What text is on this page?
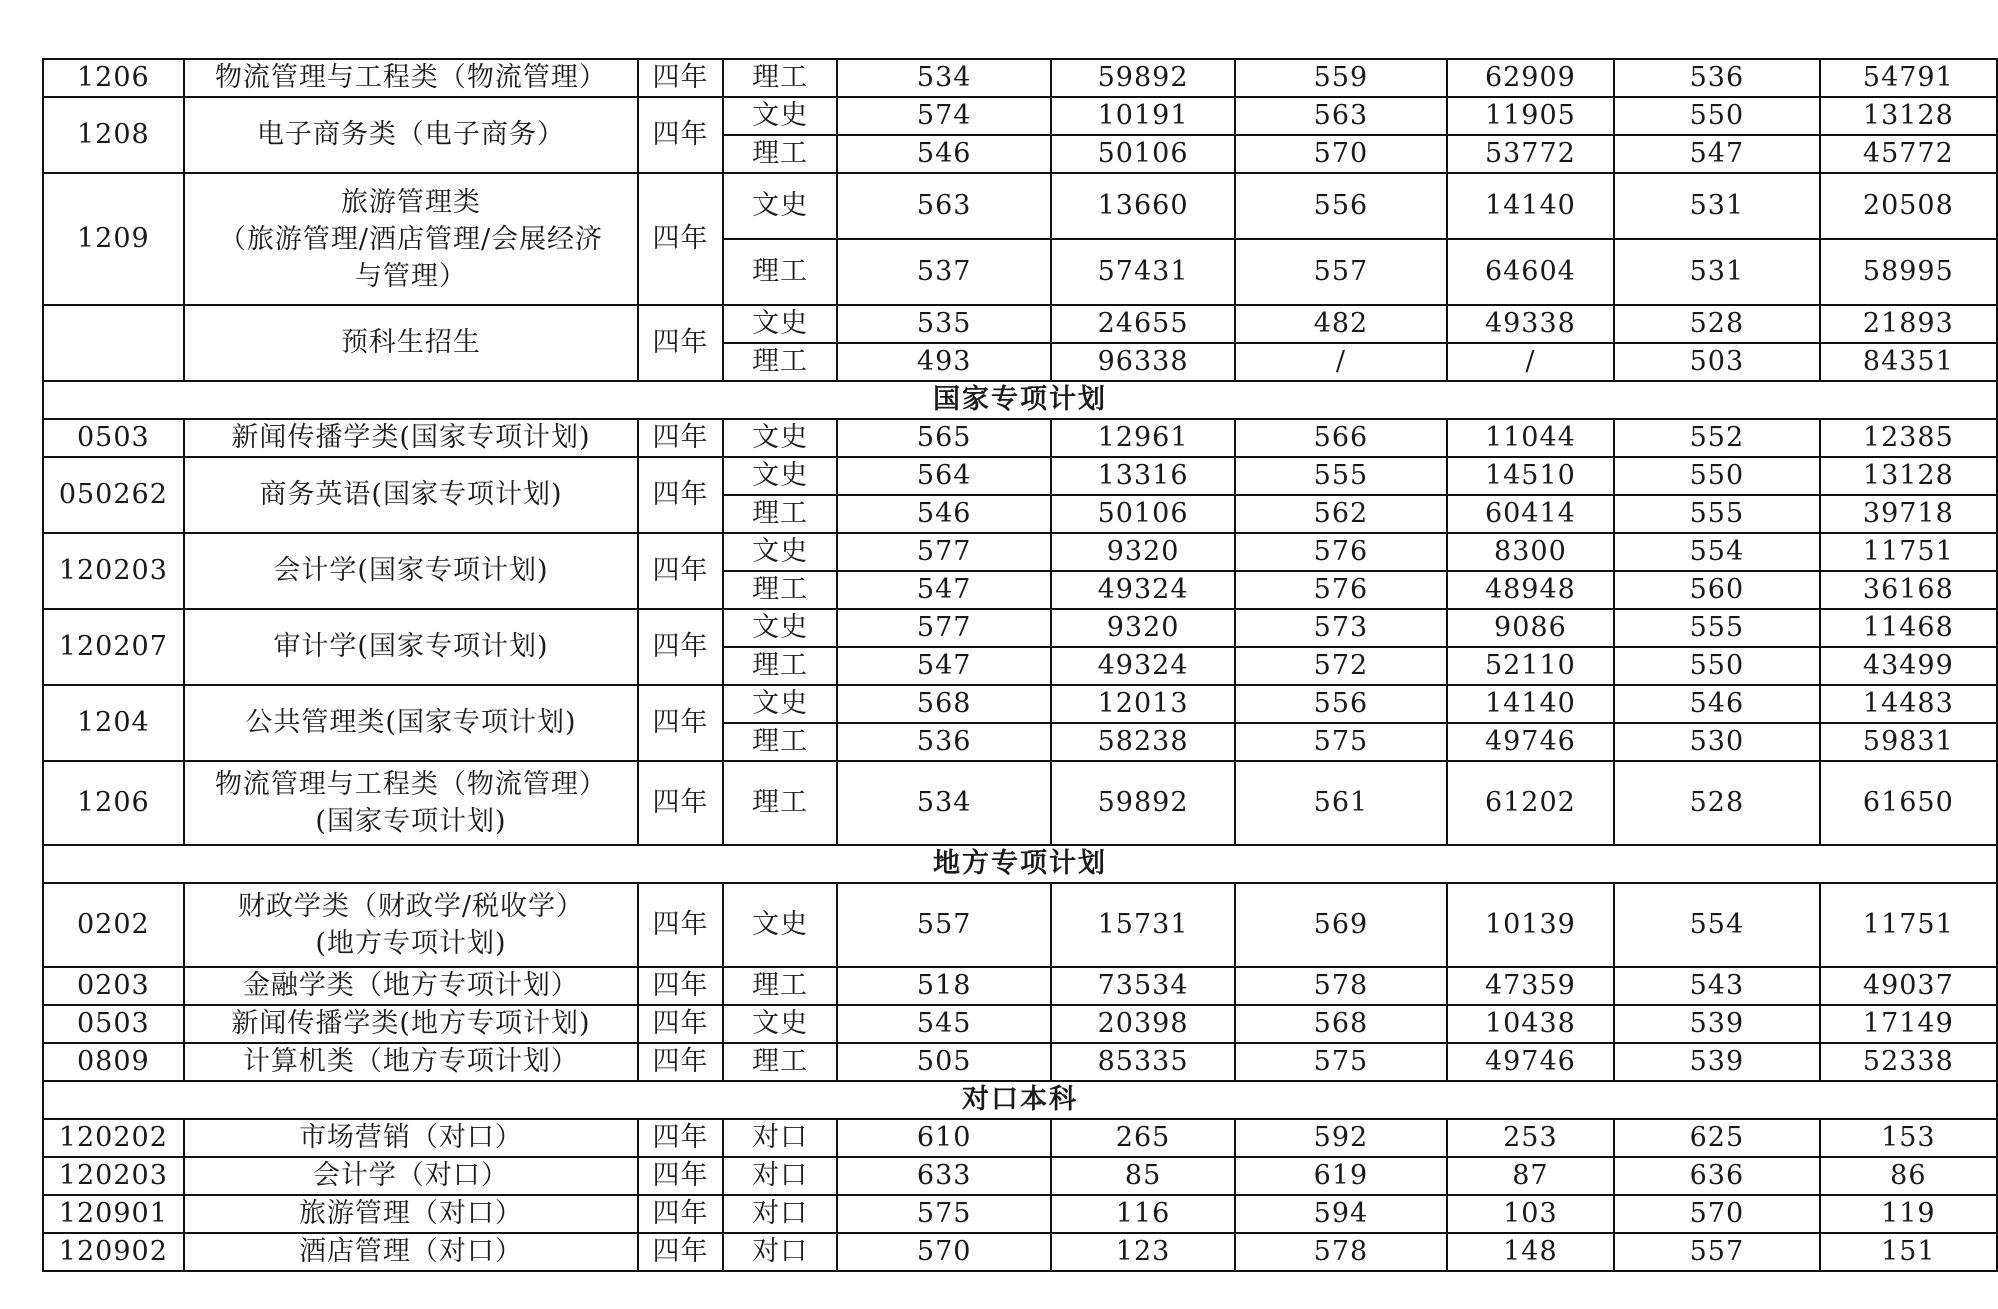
1206	物流管理与工程类（物流管理）	四年	理工	534	59892	559	62909	536	54791
1208	电子商务类（电子商务）	四年	文史	574	10191	563	11905	550	13128
			理工	546	50106	570	53772	547	45772
1209	旅游管理类
（旅游管理/酒店管理/会展经济
与管理）	四年	文史	563	13660	556	14140	531	20508
			理工	537	57431	557	64604	531	58995
	预科生招生	四年	文史	535	24655	482	49338	528	21893
			理工	493	96338	/	/	503	84351
国家专项计划									
0503	新闻传播学类(国家专项计划)	四年	文史	565	12961	566	11044	552	12385
050262	商务英语(国家专项计划)	四年	文史	564	13316	555	14510	550	13128
			理工	546	50106	562	60414	555	39718
120203	会计学(国家专项计划)	四年	文史	577	9320	576	8300	554	11751
			理工	547	49324	576	48948	560	36168
120207	审计学(国家专项计划)	四年	文史	577	9320	573	9086	555	11468
			理工	547	49324	572	52110	550	43499
1204	公共管理类(国家专项计划)	四年	文史	568	12013	556	14140	546	14483
			理工	536	58238	575	49746	530	59831
1206	物流管理与工程类（物流管理）
(国家专项计划)	四年	理工	534	59892	561	61202	528	61650
地方专项计划									
0202	财政学类（财政学/税收学）
(地方专项计划)	四年	文史	557	15731	569	10139	554	11751
0203	金融学类（地方专项计划）	四年	理工	518	73534	578	47359	543	49037
0503	新闻传播学类(地方专项计划)	四年	文史	545	20398	568	10438	539	17149
0809	计算机类（地方专项计划）	四年	理工	505	85335	575	49746	539	52338
对口本科									
120202	市场营销（对口）	四年	对口	610	265	592	253	625	153
120203	会计学（对口）	四年	对口	633	85	619	87	636	86
120901	旅游管理（对口）	四年	对口	575	116	594	103	570	119
120902	酒店管理（对口）	四年	对口	570	123	578	148	557	151
